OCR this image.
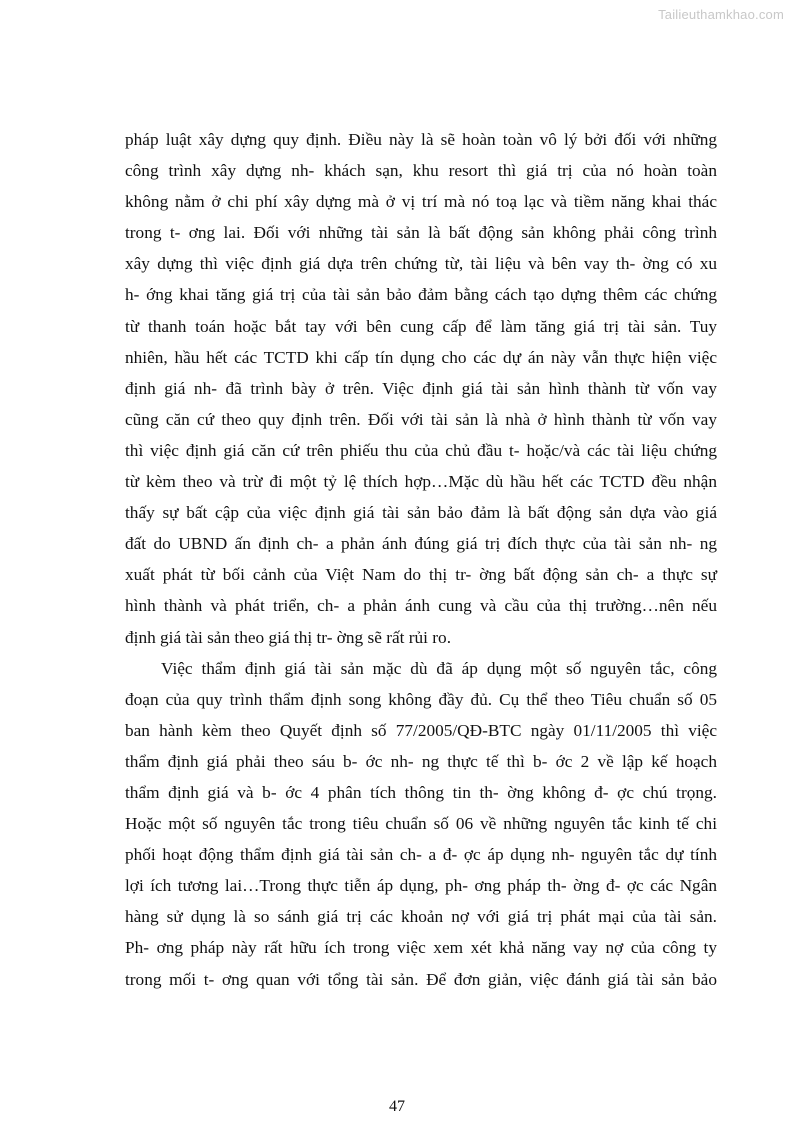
Tailieuthamkhao.com
pháp luật xây dựng quy định. Điều này là sẽ hoàn toàn vô lý bởi đối với những
công trình xây dựng nh- khách sạn, khu resort thì giá trị của nó hoàn toàn
không nằm ở chi phí xây dựng mà ở vị trí mà nó toạ lạc và tiềm năng khai thác
trong t- ơng lai. Đối với những tài sản là bất động sản không phải công trình
xây dựng thì việc định giá dựa trên chứng từ, tài liệu và bên vay th- ờng có xu
h- ớng khai tăng giá trị của tài sản bảo đảm bằng cách tạo dựng thêm các chứng
từ thanh toán hoặc bắt tay với bên cung cấp để làm tăng giá trị tài sản. Tuy
nhiên, hầu hết các TCTD khi cấp tín dụng cho các dự án này vẫn thực hiện việc
định giá nh- đã trình bày ở trên. Việc định giá tài sản hình thành từ vốn vay
cũng căn cứ theo quy định trên. Đối với tài sản là nhà ở hình thành từ vốn vay
thì việc định giá căn cứ trên phiếu thu của chủ đầu t- hoặc/và các tài liệu chứng
từ kèm theo và trừ đi một tỷ lệ thích hợp…Mặc dù hầu hết các TCTD đều nhận
thấy sự bất cập của việc định giá tài sản bảo đảm là bất động sản dựa vào giá
đất do UBND ấn định ch- a phản ánh đúng giá trị đích thực của tài sản nh- ng
xuất phát từ bối cảnh của Việt Nam do thị tr- ờng bất động sản ch- a thực sự
hình thành và phát triển, ch- a phản ánh cung và cầu của thị trường…nên nếu
định giá tài sản theo giá thị tr- ờng sẽ rất rủi ro.
Việc thẩm định giá tài sản mặc dù đã áp dụng một số nguyên tắc, công
đoạn của quy trình thẩm định song không đầy đủ. Cụ thể theo Tiêu chuẩn số 05
ban hành kèm theo Quyết định số 77/2005/QĐ-BTC ngày 01/11/2005 thì việc
thẩm định giá phải theo sáu b- ớc nh- ng thực tế thì b- ớc 2 về lập kế hoạch
thẩm định giá và b- ớc 4 phân tích thông tin th- ờng không đ- ợc chú trọng.
Hoặc một số nguyên tắc trong tiêu chuẩn số 06 về những nguyên tắc kinh tế chi
phối hoạt động thẩm định giá tài sản ch- a đ- ợc áp dụng nh- nguyên tắc dự tính
lợi ích tương lai…Trong thực tiễn áp dụng, ph- ơng pháp th- ờng đ- ợc các Ngân
hàng sử dụng là so sánh giá trị các khoản nợ với giá trị phát mại của tài sản.
Ph- ơng pháp này rất hữu ích trong việc xem xét khả năng vay nợ của công ty
trong mối t- ơng quan với tổng tài sản. Để đơn giản, việc đánh giá tài sản bảo
47
